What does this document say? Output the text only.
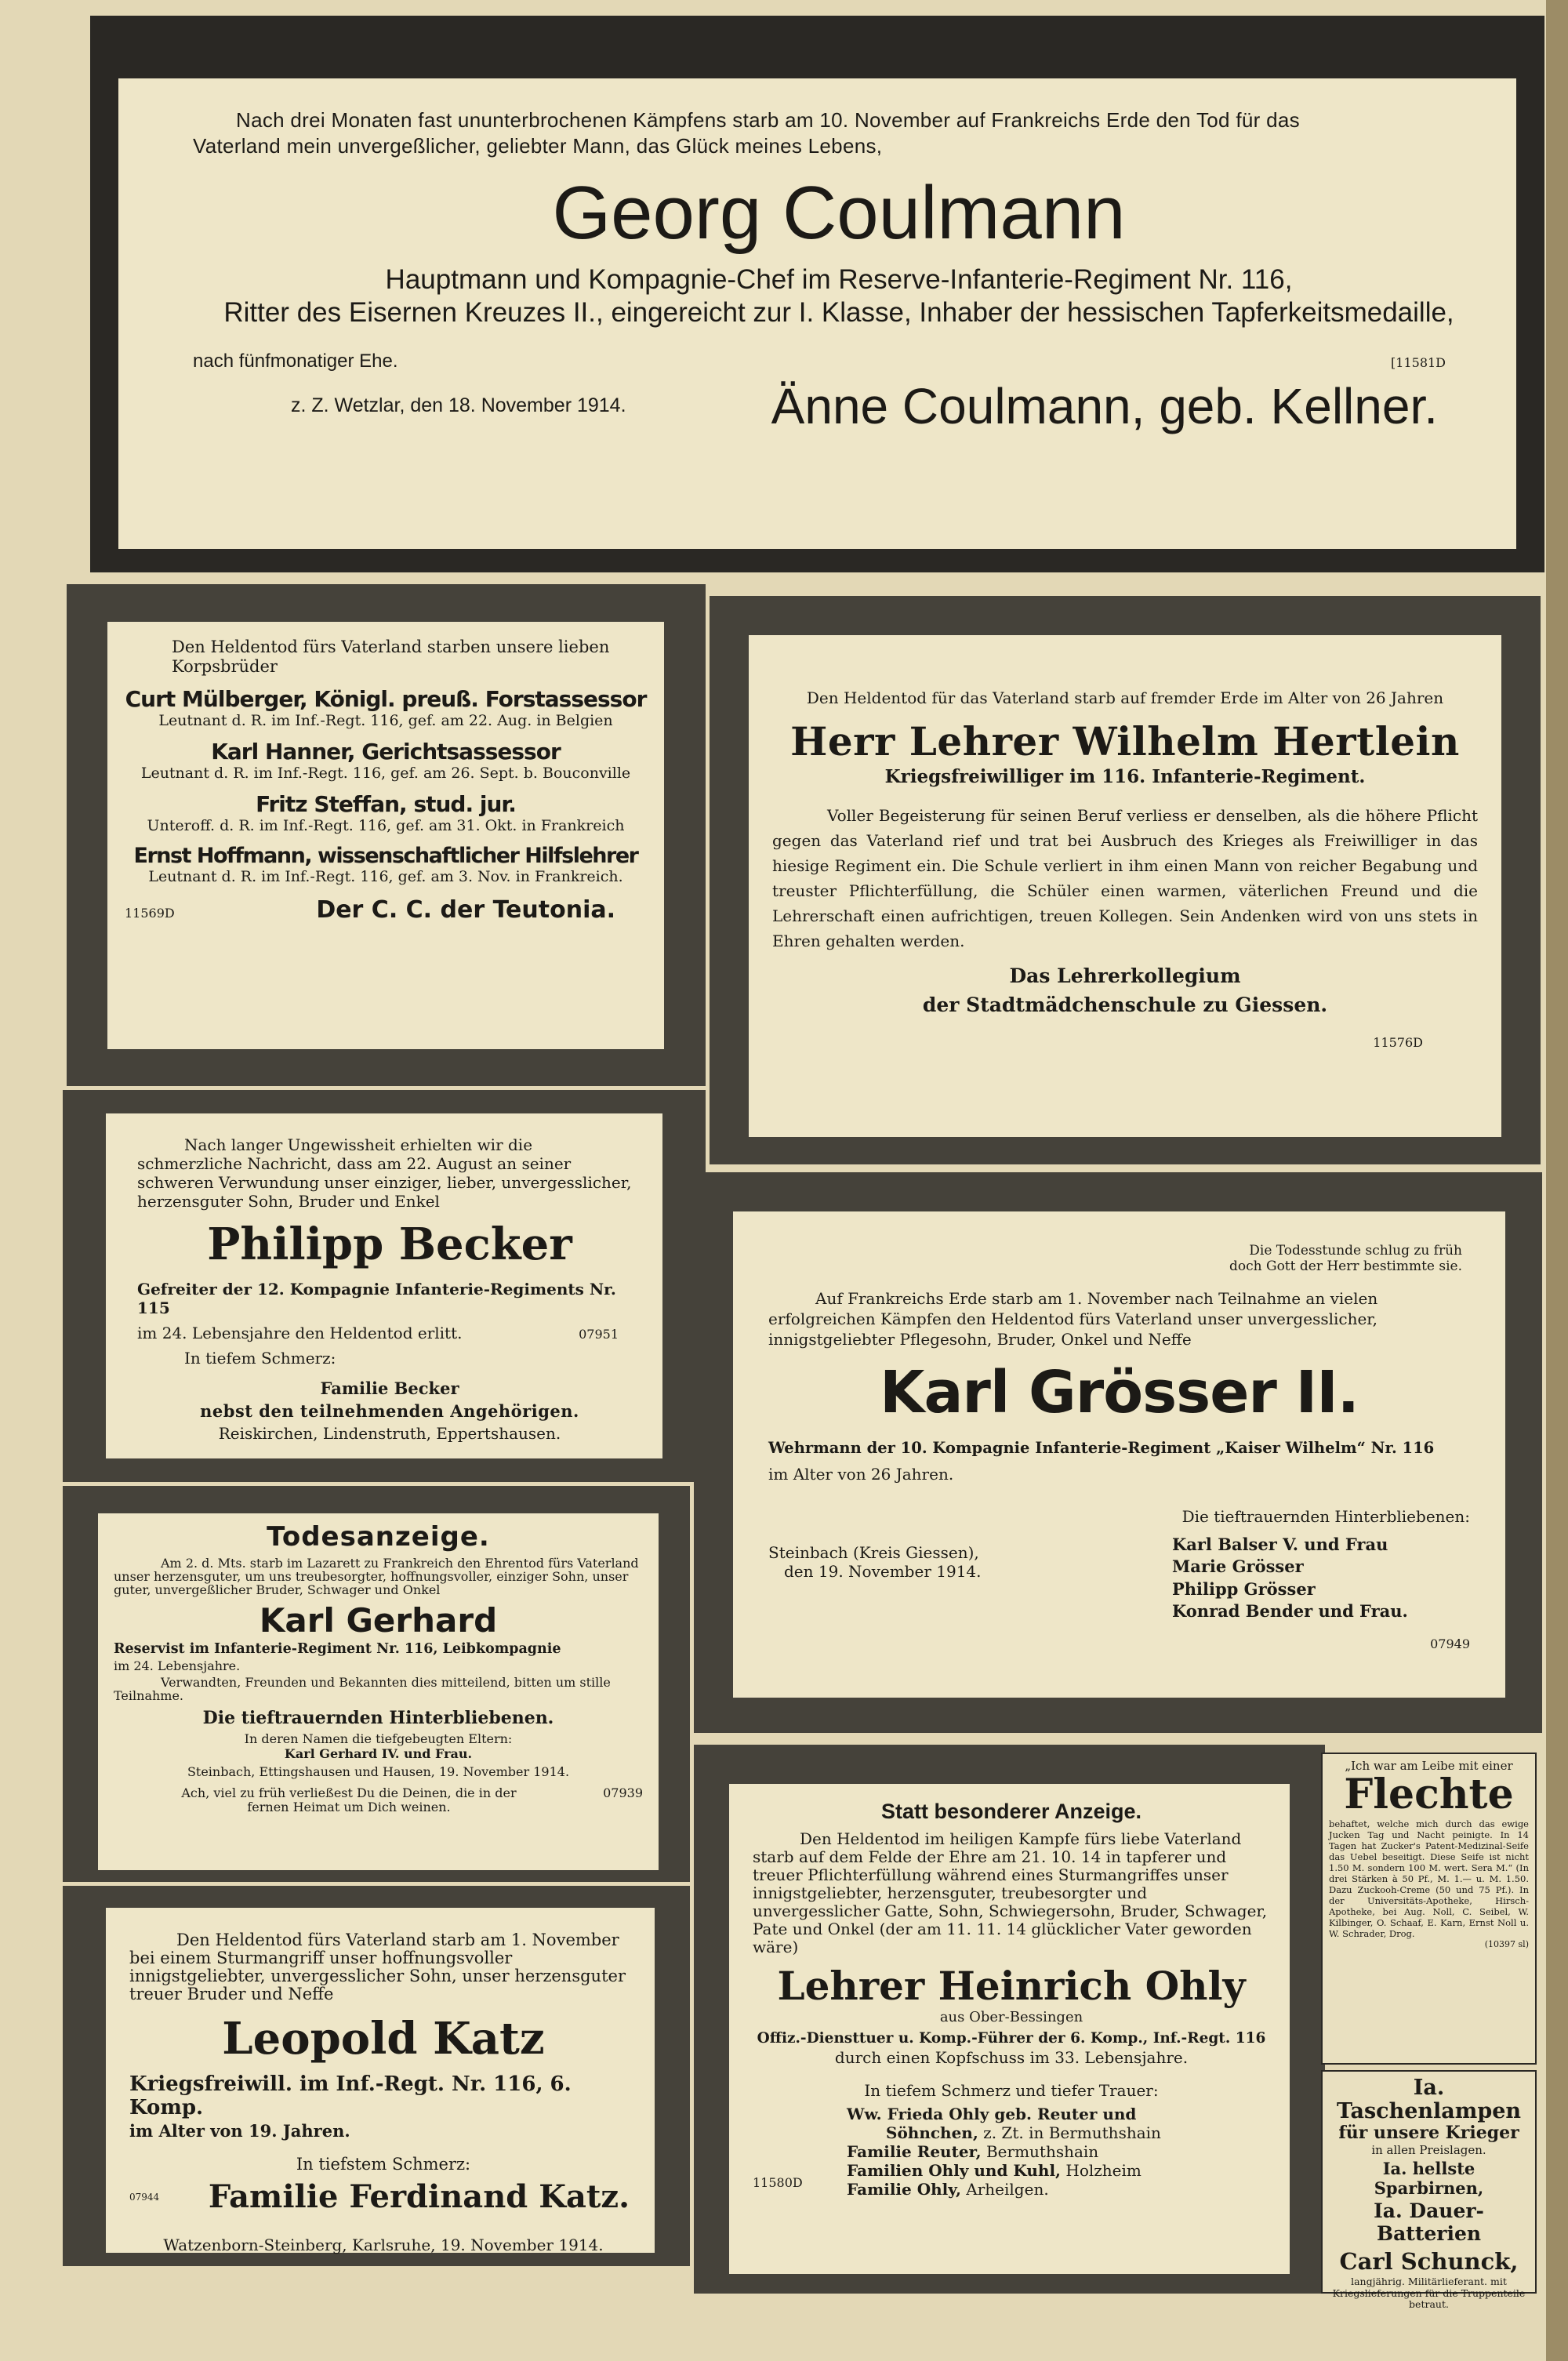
Nach drei Monaten fast ununterbrochenen Kämpfens starb am 10. November auf Frankreichs Erde den Tod für das

Vaterland mein unvergeßlicher, geliebter Mann, das Glück meines Lebens,

Georg Coulmann

Hauptmann und Kompagnie-Chef im Reserve-Infanterie-Regiment Nr. 116,

Ritter des Eisernen Kreuzes II., eingereicht zur I. Klasse, Inhaber der hessischen Tapferkeitsmedaille,

nach fünfmonatiger Ehe.	[11581D

z. Z. Wetzlar, den 18. November 1914.	Änne Coulmann, geb. Kellner.

Den Heldentod fürs Vaterland starben unsere lieben Korpsbrüder

Curt Mülberger, Königl. preuß. Forstassessor

Leutnant d. R. im Inf.-Regt. 116, gef. am 22. Aug. in Belgien

Karl Hanner, Gerichtsassessor

Leutnant d. R. im Inf.-Regt. 116, gef. am 26. Sept. b. Bouconville

Fritz Steffan, stud. jur.

Unteroff. d. R. im Inf.-Regt. 116, gef. am 31. Okt. in Frankreich

Ernst Hoffmann, wissenschaftlicher Hilfslehrer

Leutnant d. R. im Inf.-Regt. 116, gef. am 3. Nov. in Frankreich.

11569D	Der C. C. der Teutonia.

Den Heldentod für das Vaterland starb auf fremder Erde im Alter von 26 Jahren

Herr Lehrer Wilhelm Hertlein

Kriegsfreiwilliger im 116. Infanterie-Regiment.

Voller Begeisterung für seinen Beruf verliess er denselben, als die höhere Pflicht gegen das Vaterland rief und trat bei Ausbruch des Krieges als Freiwilliger in das hiesige Regiment ein. Die Schule verliert in ihm einen Mann von reicher Begabung und treuster Pflichterfüllung, die Schüler einen warmen, väterlichen Freund und die Lehrerschaft einen aufrichtigen, treuen Kollegen. Sein Andenken wird von uns stets in Ehren gehalten werden.

Das Lehrerkollegium

der Stadtmädchenschule zu Giessen.

11576D

Nach langer Ungewissheit erhielten wir die schmerzliche Nachricht, dass am 22. August an seiner schweren Verwundung unser einziger, lieber, unvergesslicher, herzensguter Sohn, Bruder und Enkel

Philipp Becker

Gefreiter der 12. Kompagnie Infanterie-Regiments Nr. 115

im 24. Lebensjahre den Heldentod erlitt.	07951

In tiefem Schmerz:

Familie Becker

nebst den teilnehmenden Angehörigen.

Reiskirchen, Lindenstruth, Eppertshausen.

Die Todesstunde schlug zu früh

doch Gott der Herr bestimmte sie.

Auf Frankreichs Erde starb am 1. November nach Teilnahme an vielen erfolgreichen Kämpfen den Heldentod fürs Vaterland unser unvergesslicher, innigstgeliebter Pflegesohn, Bruder, Onkel und Neffe

Karl Grösser II.

Wehrmann der 10. Kompagnie Infanterie-Regiment „Kaiser Wilhelm“ Nr. 116

im Alter von 26 Jahren.

Die tieftrauernden Hinterbliebenen:

Steinbach (Kreis Giessen),

den 19. November 1914.

Karl Balser V. und Frau

Marie Grösser

Philipp Grösser

Konrad Bender und Frau.

07949

Todesanzeige.

Am 2. d. Mts. starb im Lazarett zu Frankreich den Ehrentod fürs Vaterland unser herzensguter, um uns treubesorgter, hoffnungsvoller, einziger Sohn, unser guter, unvergeßlicher Bruder, Schwager und Onkel

Karl Gerhard

Reservist im Infanterie-Regiment Nr. 116, Leibkompagnie

im 24. Lebensjahre.

Verwandten, Freunden und Bekannten dies mitteilend, bitten um stille Teilnahme.

Die tieftrauernden Hinterbliebenen.

In deren Namen die tiefgebeugten Eltern:

Karl Gerhard IV. und Frau.

Steinbach, Ettingshausen und Hausen, 19. November 1914.

Ach, viel zu früh verließest Du die Deinen, die in der fernen Heimat um Dich weinen.

07939

Den Heldentod fürs Vaterland starb am 1. November bei einem Sturmangriff unser hoffnungsvoller innigstgeliebter, unvergesslicher Sohn, unser herzensguter treuer Bruder und Neffe

Leopold Katz

Kriegsfreiwill. im Inf.-Regt. Nr. 116, 6. Komp.

im Alter von 19. Jahren.

In tiefstem Schmerz:

07944 Familie Ferdinand Katz.

Watzenborn-Steinberg, Karlsruhe, 19. November 1914.

Statt besonderer Anzeige.

Den Heldentod im heiligen Kampfe fürs liebe Vaterland starb auf dem Felde der Ehre am 21. 10. 14 in tapferer und treuer Pflichterfüllung während eines Sturmangriffes unser innigstgeliebter, herzensguter, treubesorgter und unvergesslicher Gatte, Sohn, Schwiegersohn, Bruder, Schwager, Pate und Onkel (der am 11. 11. 14 glücklicher Vater geworden wäre)

Lehrer Heinrich Ohly

aus Ober-Bessingen

Offiz.-Diensttuer u. Komp.-Führer der 6. Komp., Inf.-Regt. 116

durch einen Kopfschuss im 33. Lebensjahre.

In tiefem Schmerz und tiefer Trauer:

Ww. Frieda Ohly geb. Reuter und

Söhnchen, z. Zt. in Bermuthshain

Familie Reuter, Bermuthshain

Familien Ohly und Kuhl, Holzheim

Familie Ohly, Arheilgen.

11580D

„Ich war am Leibe mit einer

Flechte

behaftet, welche mich durch das ewige Jucken Tag und Nacht peinigte. In 14 Tagen hat Zucker's Patent-Medizinal-Seife das Uebel beseitigt. Diese Seife ist nicht 1.50 M. sondern 100 M. wert. Sera M.“ (In drei Stärken à 50 Pf., M. 1.— u. M. 1.50. Dazu Zuckooh-Creme (50 und 75 Pf.). In der Universitäts-Apotheke, Hirsch-Apotheke, bei Aug. Noll, C. Seibel, W. Kilbinger, O. Schaaf, E. Karn, Ernst Noll u. W. Schrader, Drog.

(10397 sl)

Ia. Taschenlampen

für unsere Krieger

in allen Preislagen.

Ia. hellste Sparbirnen,

Ia. Dauer-Batterien

Carl Schunck,

langjährig. Militärlieferant. mit Kriegslieferungen für die Truppenteile betraut.
